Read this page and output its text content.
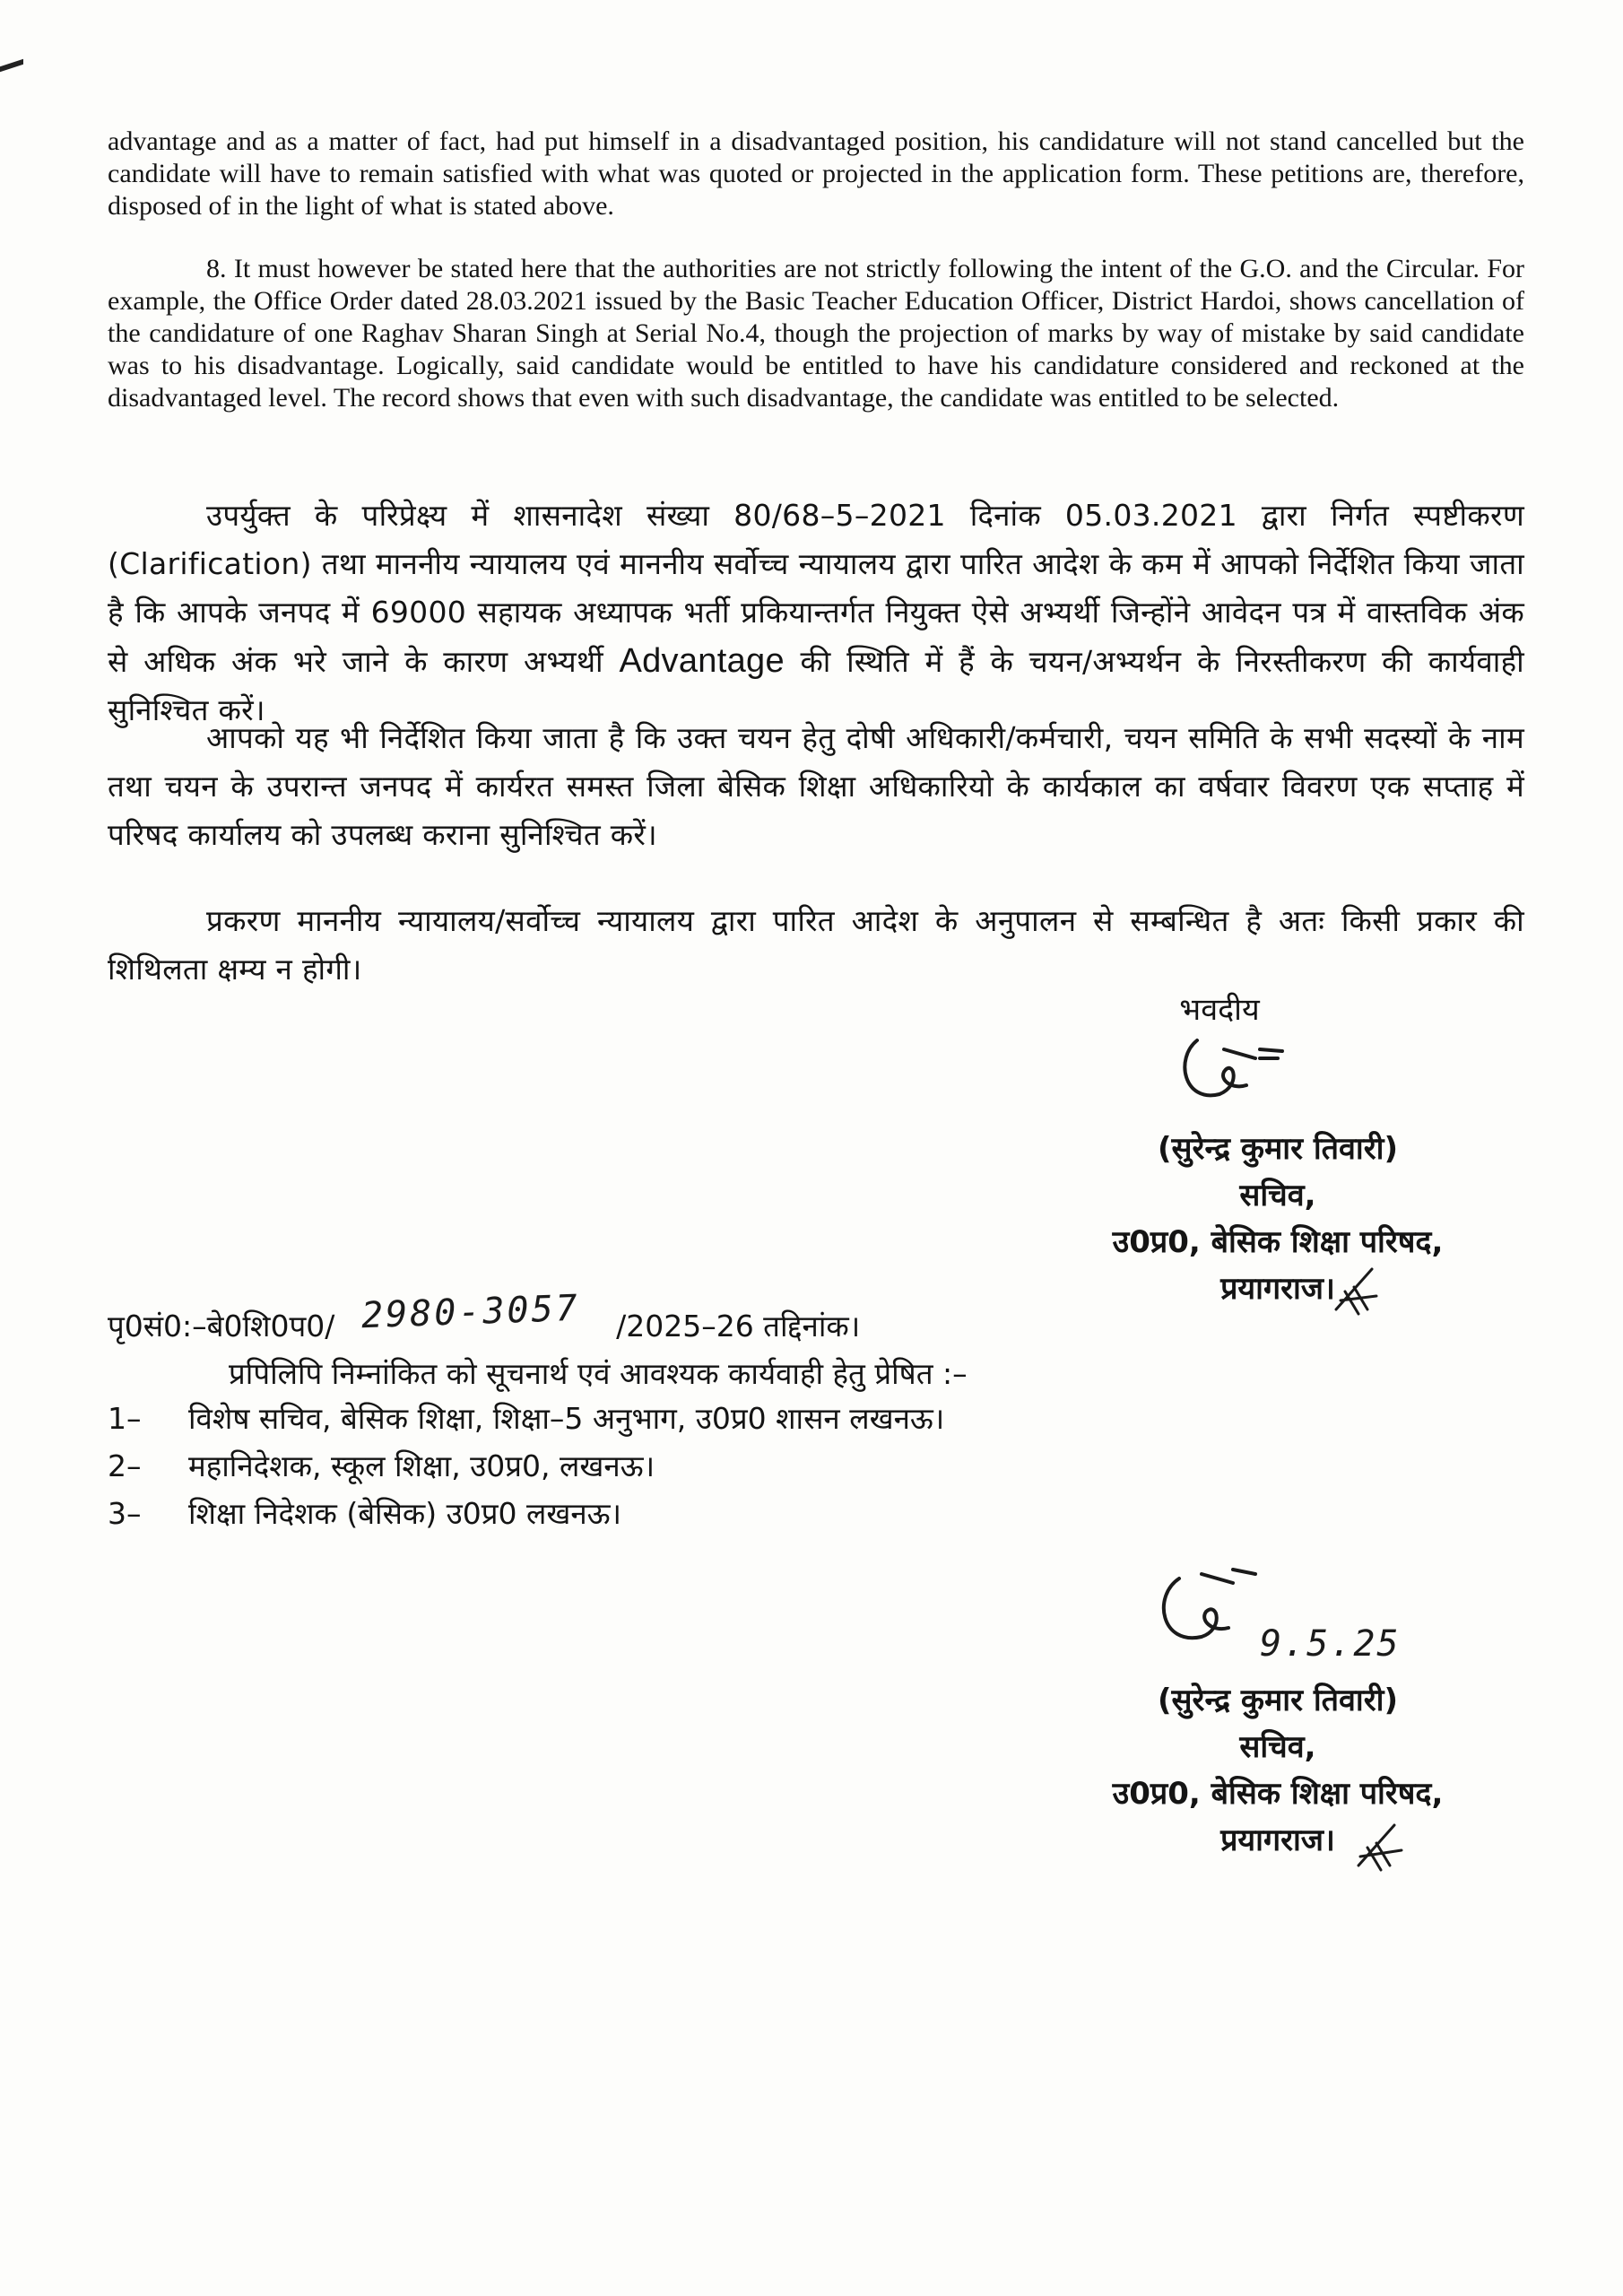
advantage and as a matter of fact, had put himself in a disadvantaged position, his candidature will not stand cancelled but the candidate will have to remain satisfied with what was quoted or projected in the application form. These petitions are, therefore, disposed of in the light of what is stated above.

8. It must however be stated here that the authorities are not strictly following the intent of the G.O. and the Circular. For example, the Office Order dated 28.03.2021 issued by the Basic Teacher Education Officer, District Hardoi, shows cancellation of the candidature of one Raghav Sharan Singh at Serial No.4, though the projection of marks by way of mistake by said candidate was to his disadvantage. Logically, said candidate would be entitled to have his candidature considered and reckoned at the disadvantaged level. The record shows that even with such disadvantage, the candidate was entitled to be selected.

उपर्युक्त के परिप्रेक्ष्य में शासनादेश संख्या 80/68–5–2021 दिनांक 05.03.2021 द्वारा निर्गत स्पष्टीकरण (Clarification) तथा माननीय न्यायालय एवं माननीय सर्वोच्च न्यायालय द्वारा पारित आदेश के कम में आपको निर्देशित किया जाता है कि आपके जनपद में 69000 सहायक अध्यापक भर्ती प्रकियान्तर्गत नियुक्त ऐसे अभ्यर्थी जिन्होंने आवेदन पत्र में वास्तविक अंक से अधिक अंक भरे जाने के कारण अभ्यर्थी Advantage की स्थिति में हैं के चयन/अभ्यर्थन के निरस्तीकरण की कार्यवाही सुनिश्चित करें।

आपको यह भी निर्देशित किया जाता है कि उक्त चयन हेतु दोषी अधिकारी/कर्मचारी, चयन समिति के सभी सदस्यों के नाम तथा चयन के उपरान्त जनपद में कार्यरत समस्त जिला बेसिक शिक्षा अधिकारियो के कार्यकाल का वर्षवार विवरण एक सप्ताह में परिषद कार्यालय को उपलब्ध कराना सुनिश्चित करें।

प्रकरण माननीय न्यायालय/सर्वोच्च न्यायालय द्वारा पारित आदेश के अनुपालन से सम्बन्धित है अतः किसी प्रकार की शिथिलता क्षम्य न होगी।

भवदीय
(सुरेन्द्र कुमार तिवारी)
सचिव,
उ0प्र0, बेसिक शिक्षा परिषद,
प्रयागराज।
पृ0सं0:–बे0शि0प0/ 2980-3057 /2025–26 तद्दिनांक।
प्रपिलिपि निम्नांकित को सूचनार्थ एवं आवश्यक कार्यवाही हेतु प्रेषित :–
1–	विशेष सचिव, बेसिक शिक्षा, शिक्षा–5 अनुभाग, उ0प्र0 शासन लखनऊ।
2–	महानिदेशक, स्कूल शिक्षा, उ0प्र0, लखनऊ।
3–	शिक्षा निदेशक (बेसिक) उ0प्र0 लखनऊ।
9.5.25
(सुरेन्द्र कुमार तिवारी)
सचिव,
उ0प्र0, बेसिक शिक्षा परिषद,
प्रयागराज।
